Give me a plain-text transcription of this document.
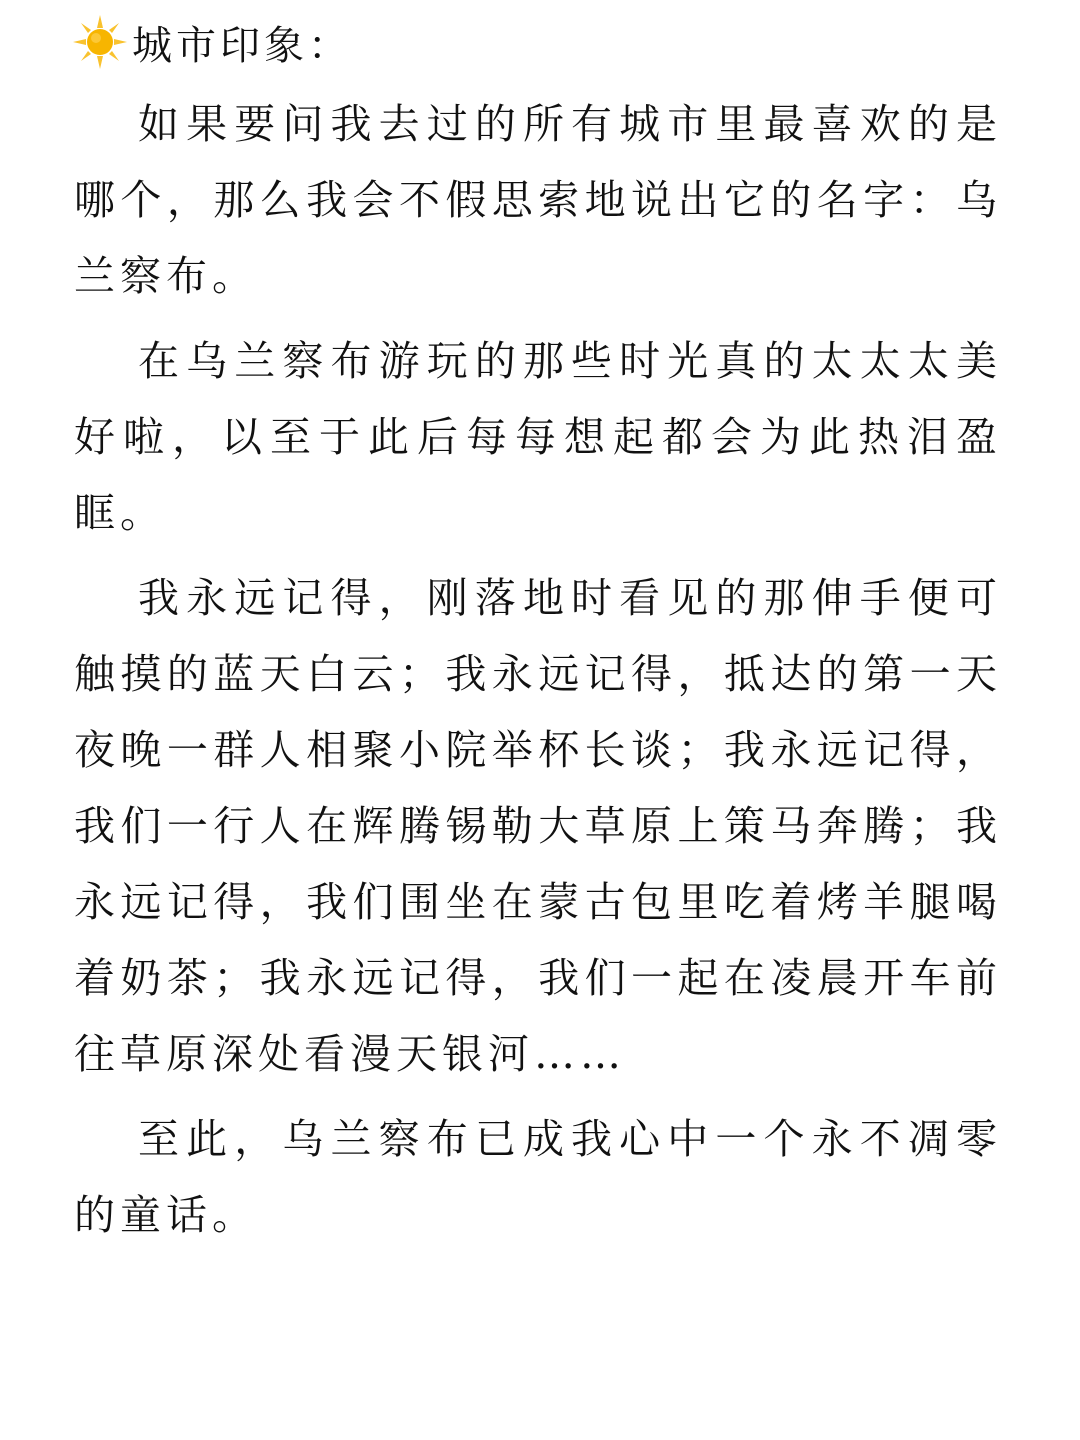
城市印象：

如果要问我去过的所有城市里最喜欢的是哪个，那么我会不假思索地说出它的名字：乌兰察布。

在乌兰察布游玩的那些时光真的太太太美好啦，以至于此后每每想起都会为此热泪盈眶。

我永远记得，刚落地时看见的那伸手便可触摸的蓝天白云；我永远记得，抵达的第一天夜晚一群人相聚小院举杯长谈；我永远记得，我们一行人在辉腾锡勒大草原上策马奔腾；我永远记得，我们围坐在蒙古包里吃着烤羊腿喝着奶茶；我永远记得，我们一起在凌晨开车前往草原深处看漫天银河……

至此，乌兰察布已成我心中一个永不凋零的童话。
